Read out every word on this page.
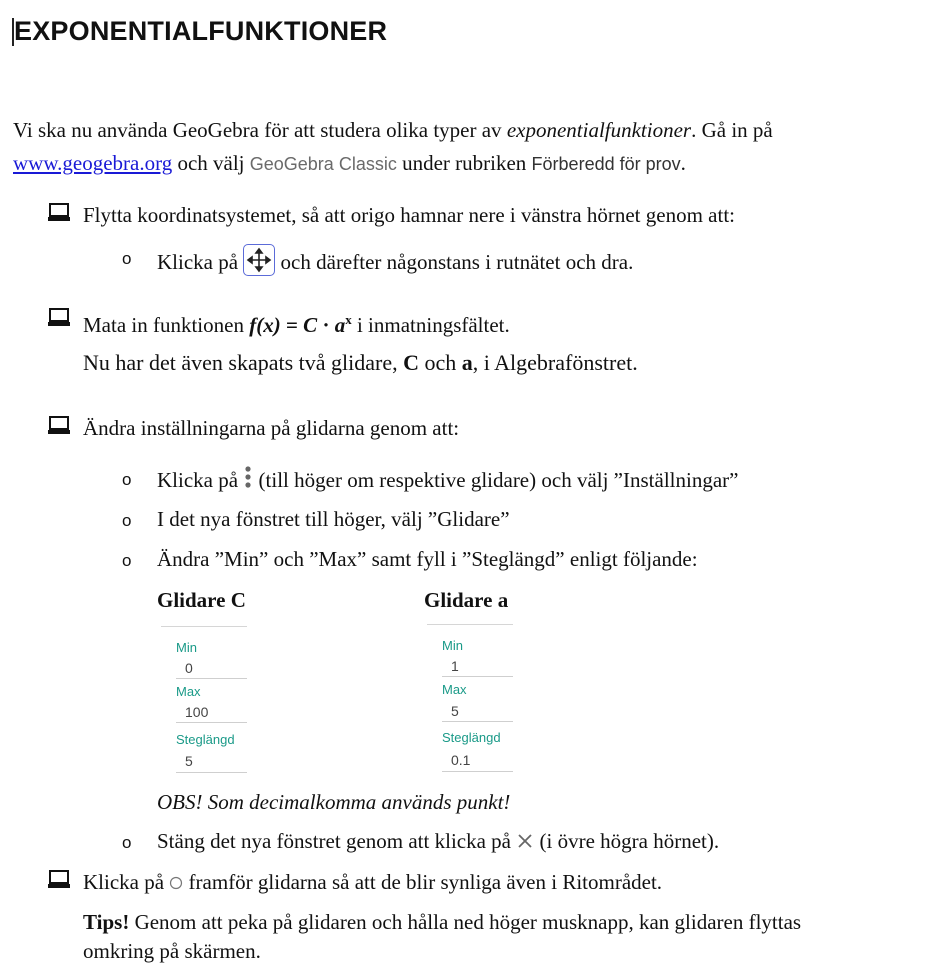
EXPONENTIALFUNKTIONER
Vi ska nu använda GeoGebra för att studera olika typer av exponentialfunktioner. Gå in på
www.geogebra.org och välj GeoGebra Classic under rubriken Förberedd för prov.
Flytta koordinatsystemet, så att origo hamnar nere i vänstra hörnet genom att:
o Klicka på  och därefter någonstans i rutnätet och dra.
Mata in funktionen $f(x) = C \cdot a^x$ i inmatningsfältet.
Nu har det även skapats två glidare, C och a, i Algebrafönstret.
Ändra inställningarna på glidarna genom att:
o Klicka på  (till höger om respektive glidare) och välj ”Inställningar”
o I det nya fönstret till höger, välj ”Glidare”
o Ändra ”Min” och ”Max” samt fyll i ”Steglängd” enligt följande:
Glidare C	Glidare a
Min
0
Max
100
Steglängd
5
Min
1
Max
5
Steglängd
0.1
OBS! Som decimalkomma används punkt!
o Stäng det nya fönstret genom att klicka på  (i övre högra hörnet).
Klicka på  framför glidarna så att de blir synliga även i Ritområdet.
Tips! Genom att peka på glidaren och hålla ned höger musknapp, kan glidaren flyttas
omkring på skärmen.
